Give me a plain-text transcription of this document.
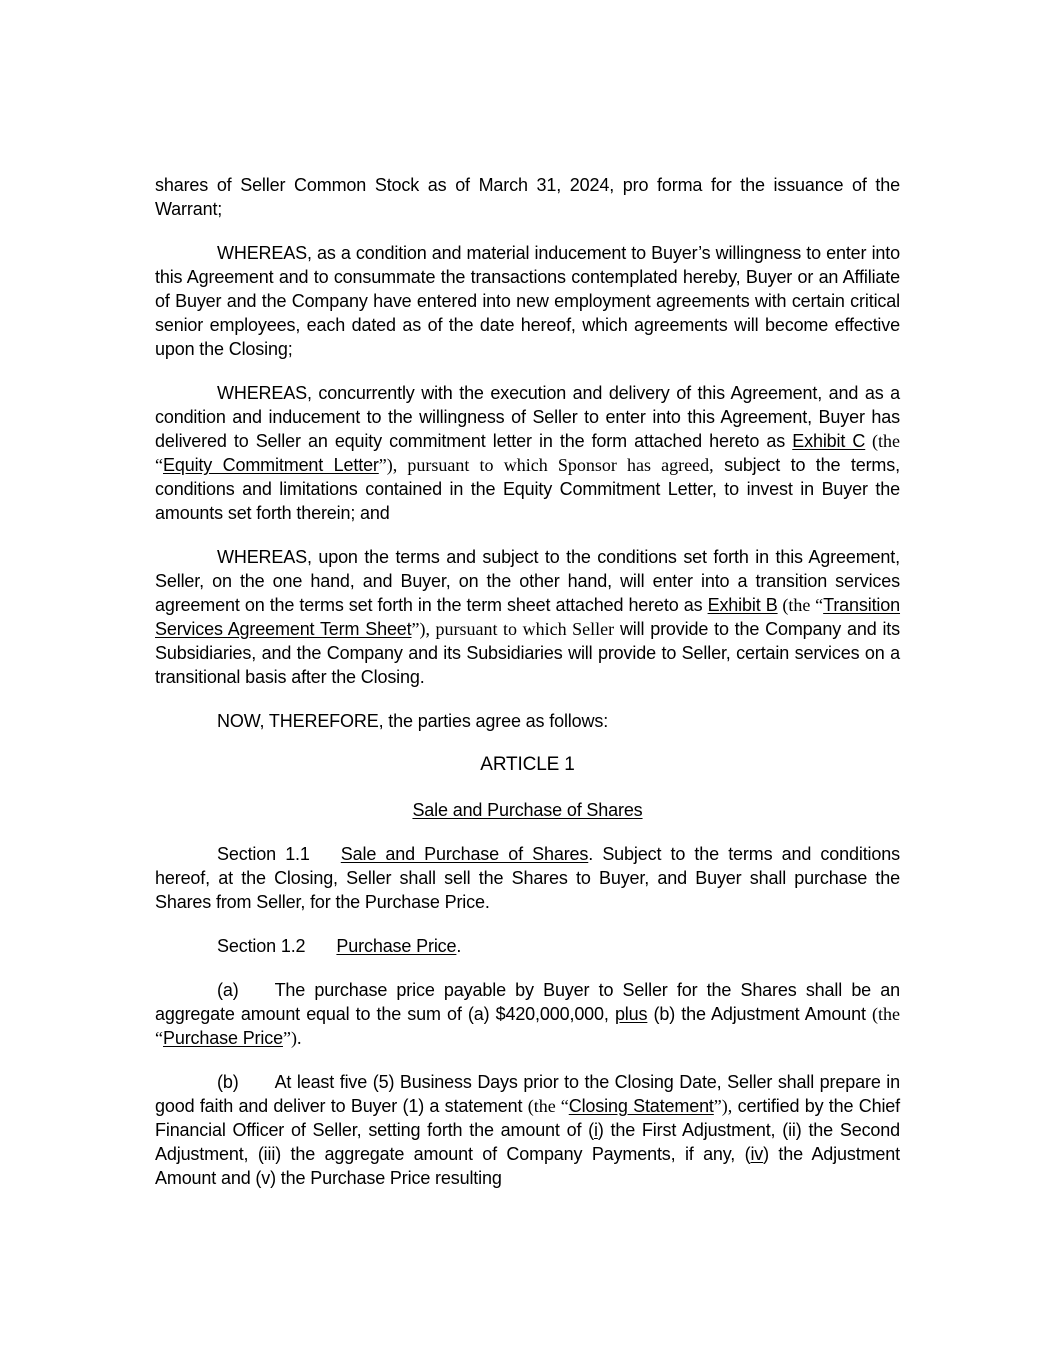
shares of Seller Common Stock as of March 31, 2024, pro forma for the issuance of the Warrant;

WHEREAS, as a condition and material inducement to Buyer’s willingness to enter into this Agreement and to consummate the transactions contemplated hereby, Buyer or an Affiliate of Buyer and the Company have entered into new employment agreements with certain critical senior employees, each dated as of the date hereof, which agreements will become effective upon the Closing;

WHEREAS, concurrently with the execution and delivery of this Agreement, and as a condition and inducement to the willingness of Seller to enter into this Agreement, Buyer has delivered to Seller an equity commitment letter in the form attached hereto as Exhibit C (the “Equity Commitment Letter”), pursuant to which Sponsor has agreed, subject to the terms, conditions and limitations contained in the Equity Commitment Letter, to invest in Buyer the amounts set forth therein; and

WHEREAS, upon the terms and subject to the conditions set forth in this Agreement, Seller, on the one hand, and Buyer, on the other hand, will enter into a transition services agreement on the terms set forth in the term sheet attached hereto as Exhibit B (the “Transition Services Agreement Term Sheet”), pursuant to which Seller will provide to the Company and its Subsidiaries, and the Company and its Subsidiaries will provide to Seller, certain services on a transitional basis after the Closing.

NOW, THEREFORE, the parties agree as follows:

ARTICLE 1
Sale and Purchase of Shares

Section 1.1 Sale and Purchase of Shares. Subject to the terms and conditions hereof, at the Closing, Seller shall sell the Shares to Buyer, and Buyer shall purchase the Shares from Seller, for the Purchase Price.

Section 1.2 Purchase Price.

(a) The purchase price payable by Buyer to Seller for the Shares shall be an aggregate amount equal to the sum of (a) $420,000,000, plus (b) the Adjustment Amount (the “Purchase Price”).

(b) At least five (5) Business Days prior to the Closing Date, Seller shall prepare in good faith and deliver to Buyer (1) a statement (the “Closing Statement”), certified by the Chief Financial Officer of Seller, setting forth the amount of (i) the First Adjustment, (ii) the Second Adjustment, (iii) the aggregate amount of Company Payments, if any, (iv) the Adjustment Amount and (v) the Purchase Price resulting
